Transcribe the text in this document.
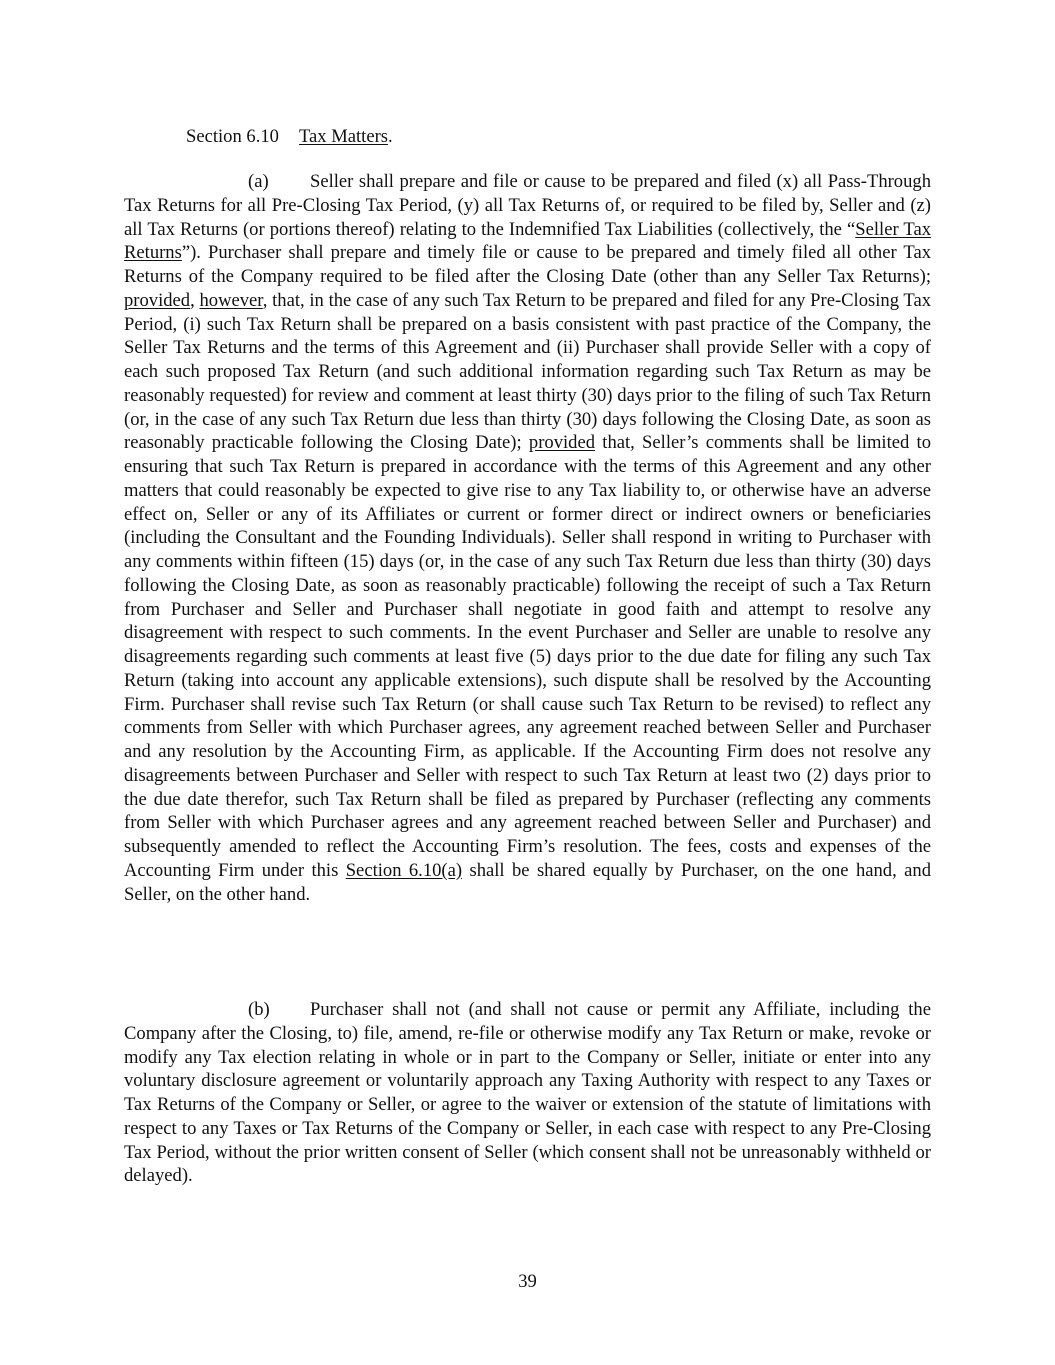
Section 6.10 Tax Matters.

(a) Seller shall prepare and file or cause to be prepared and filed (x) all Pass-Through Tax Returns for all Pre-Closing Tax Period, (y) all Tax Returns of, or required to be filed by, Seller and (z) all Tax Returns (or portions thereof) relating to the Indemnified Tax Liabilities (collectively, the “Seller Tax Returns”). Purchaser shall prepare and timely file or cause to be prepared and timely filed all other Tax Returns of the Company required to be filed after the Closing Date (other than any Seller Tax Returns); provided, however, that, in the case of any such Tax Return to be prepared and filed for any Pre-Closing Tax Period, (i) such Tax Return shall be prepared on a basis consistent with past practice of the Company, the Seller Tax Returns and the terms of this Agreement and (ii) Purchaser shall provide Seller with a copy of each such proposed Tax Return (and such additional information regarding such Tax Return as may be reasonably requested) for review and comment at least thirty (30) days prior to the filing of such Tax Return (or, in the case of any such Tax Return due less than thirty (30) days following the Closing Date, as soon as reasonably practicable following the Closing Date); provided that, Seller’s comments shall be limited to ensuring that such Tax Return is prepared in accordance with the terms of this Agreement and any other matters that could reasonably be expected to give rise to any Tax liability to, or otherwise have an adverse effect on, Seller or any of its Affiliates or current or former direct or indirect owners or beneficiaries (including the Consultant and the Founding Individuals). Seller shall respond in writing to Purchaser with any comments within fifteen (15) days (or, in the case of any such Tax Return due less than thirty (30) days following the Closing Date, as soon as reasonably practicable) following the receipt of such a Tax Return from Purchaser and Seller and Purchaser shall negotiate in good faith and attempt to resolve any disagreement with respect to such comments. In the event Purchaser and Seller are unable to resolve any disagreements regarding such comments at least five (5) days prior to the due date for filing any such Tax Return (taking into account any applicable extensions), such dispute shall be resolved by the Accounting Firm. Purchaser shall revise such Tax Return (or shall cause such Tax Return to be revised) to reflect any comments from Seller with which Purchaser agrees, any agreement reached between Seller and Purchaser and any resolution by the Accounting Firm, as applicable. If the Accounting Firm does not resolve any disagreements between Purchaser and Seller with respect to such Tax Return at least two (2) days prior to the due date therefor, such Tax Return shall be filed as prepared by Purchaser (reflecting any comments from Seller with which Purchaser agrees and any agreement reached between Seller and Purchaser) and subsequently amended to reflect the Accounting Firm’s resolution. The fees, costs and expenses of the Accounting Firm under this Section 6.10(a) shall be shared equally by Purchaser, on the one hand, and Seller, on the other hand.

(b) Purchaser shall not (and shall not cause or permit any Affiliate, including the Company after the Closing, to) file, amend, re-file or otherwise modify any Tax Return or make, revoke or modify any Tax election relating in whole or in part to the Company or Seller, initiate or enter into any voluntary disclosure agreement or voluntarily approach any Taxing Authority with respect to any Taxes or Tax Returns of the Company or Seller, or agree to the waiver or extension of the statute of limitations with respect to any Taxes or Tax Returns of the Company or Seller, in each case with respect to any Pre-Closing Tax Period, without the prior written consent of Seller (which consent shall not be unreasonably withheld or delayed).

39
